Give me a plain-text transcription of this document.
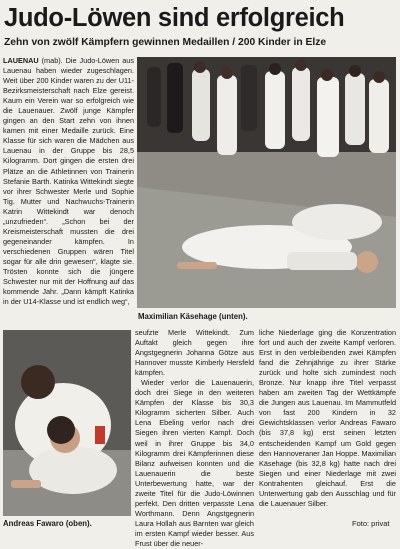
Judo-Löwen sind erfolgreich
Zehn von zwölf Kämpfern gewinnen Medaillen / 200 Kinder in Elze

LAUENAU (mab). Die Judo-Löwen aus Lauenau haben wieder zugeschlagen. Weit über 200 Kinder waren zu der U11-Bezirksmeisterschaft nach Elze gereist. Kaum ein Verein war so erfolgreich wie die Lauenauer. Zwölf junge Kämpfer gingen an den Start zehn von ihnen kamen mit einer Medaille zurück. Eine Klasse für sich waren die Mädchen aus Lauenau in der Gruppe bis 28,5 Kilogramm. Dort gingen die ersten drei Plätze an die Athletinnen von Trainerin Stefanie Barth. Katinka Wittekindt siegte vor ihrer Schwester Merle und Sophie Tig. Mutter und Nachwuchs-Trainerin Katrin Wittekindt war denoch „unzufrieden“. „Schon bei der Kreismeisterschaft mussten die drei gegeneinander kämpfen. In verschiedenen Gruppen wären Titel sogar für alle drin gewesen“, klagte sie. Trösten konnte sich die jüngere Schwester nur mit der Hoffnung auf das kommende Jahr. „Dann kämpft Katinka in der U14-Klasse und ist endlich weg“,

Maximilian Käsehage (unten).
Andreas Fawaro (oben).

seufzte Merle Wittekindt. Zum Auftakt gleich gegen ihre Angstgegnerin Johanna Götze aus Hannover musste Kimberly Hersfeld kämpfen.

Wieder verlor die Lauenauerin, doch drei Siege in den weiteren Kämpfen der Klasse bis 30,3 Kilogramm sicherten Silber. Auch Lena Ebeling verlor nach drei Siegen ihren vierten Kampf. Doch weil in ihrer Gruppe bis 34,0 Kilogramm drei Kämpferinnen diese Bilanz aufweisen konnten und die Lauenauerin die beste Unterbewertung hatte, war der zweite Titel für die Judo-Löwinnen perfekt. Den dritten verpasste Lena Worthmann. Denn Angstgegnerin Laura Hollah aus Barnten war gleich im ersten Kampf wieder besser. Aus Frust über die neuer-

liche Niederlage ging die Konzentration fort und auch der zweite Kampf verloren. Erst in den verbleibenden zwei Kämpfen fand die Zehnjährige zu ihrer Stärke zurück und holte sich zumindest noch Bronze. Nur knapp ihre Titel verpasst haben am zweiten Tag der Wettkämpfe die Jungen aus Lauenau. Im Mammutfeld von fast 200 Kindern in 32 Gewichtsklassen verlor Andreas Fawaro (bis 37,8 kg) erst seinen letzten entscheidenden Kampf um Gold gegen den Hannoveraner Jan Hoppe. Maximilian Käsehage (bis 32,8 kg) hatte nach drei Siegen und einer Niederlage mit zwei Kontrahenten gleichauf. Erst die Unterwertung gab den Ausschlag und für die Lauenauer Silber.

Foto: privat
